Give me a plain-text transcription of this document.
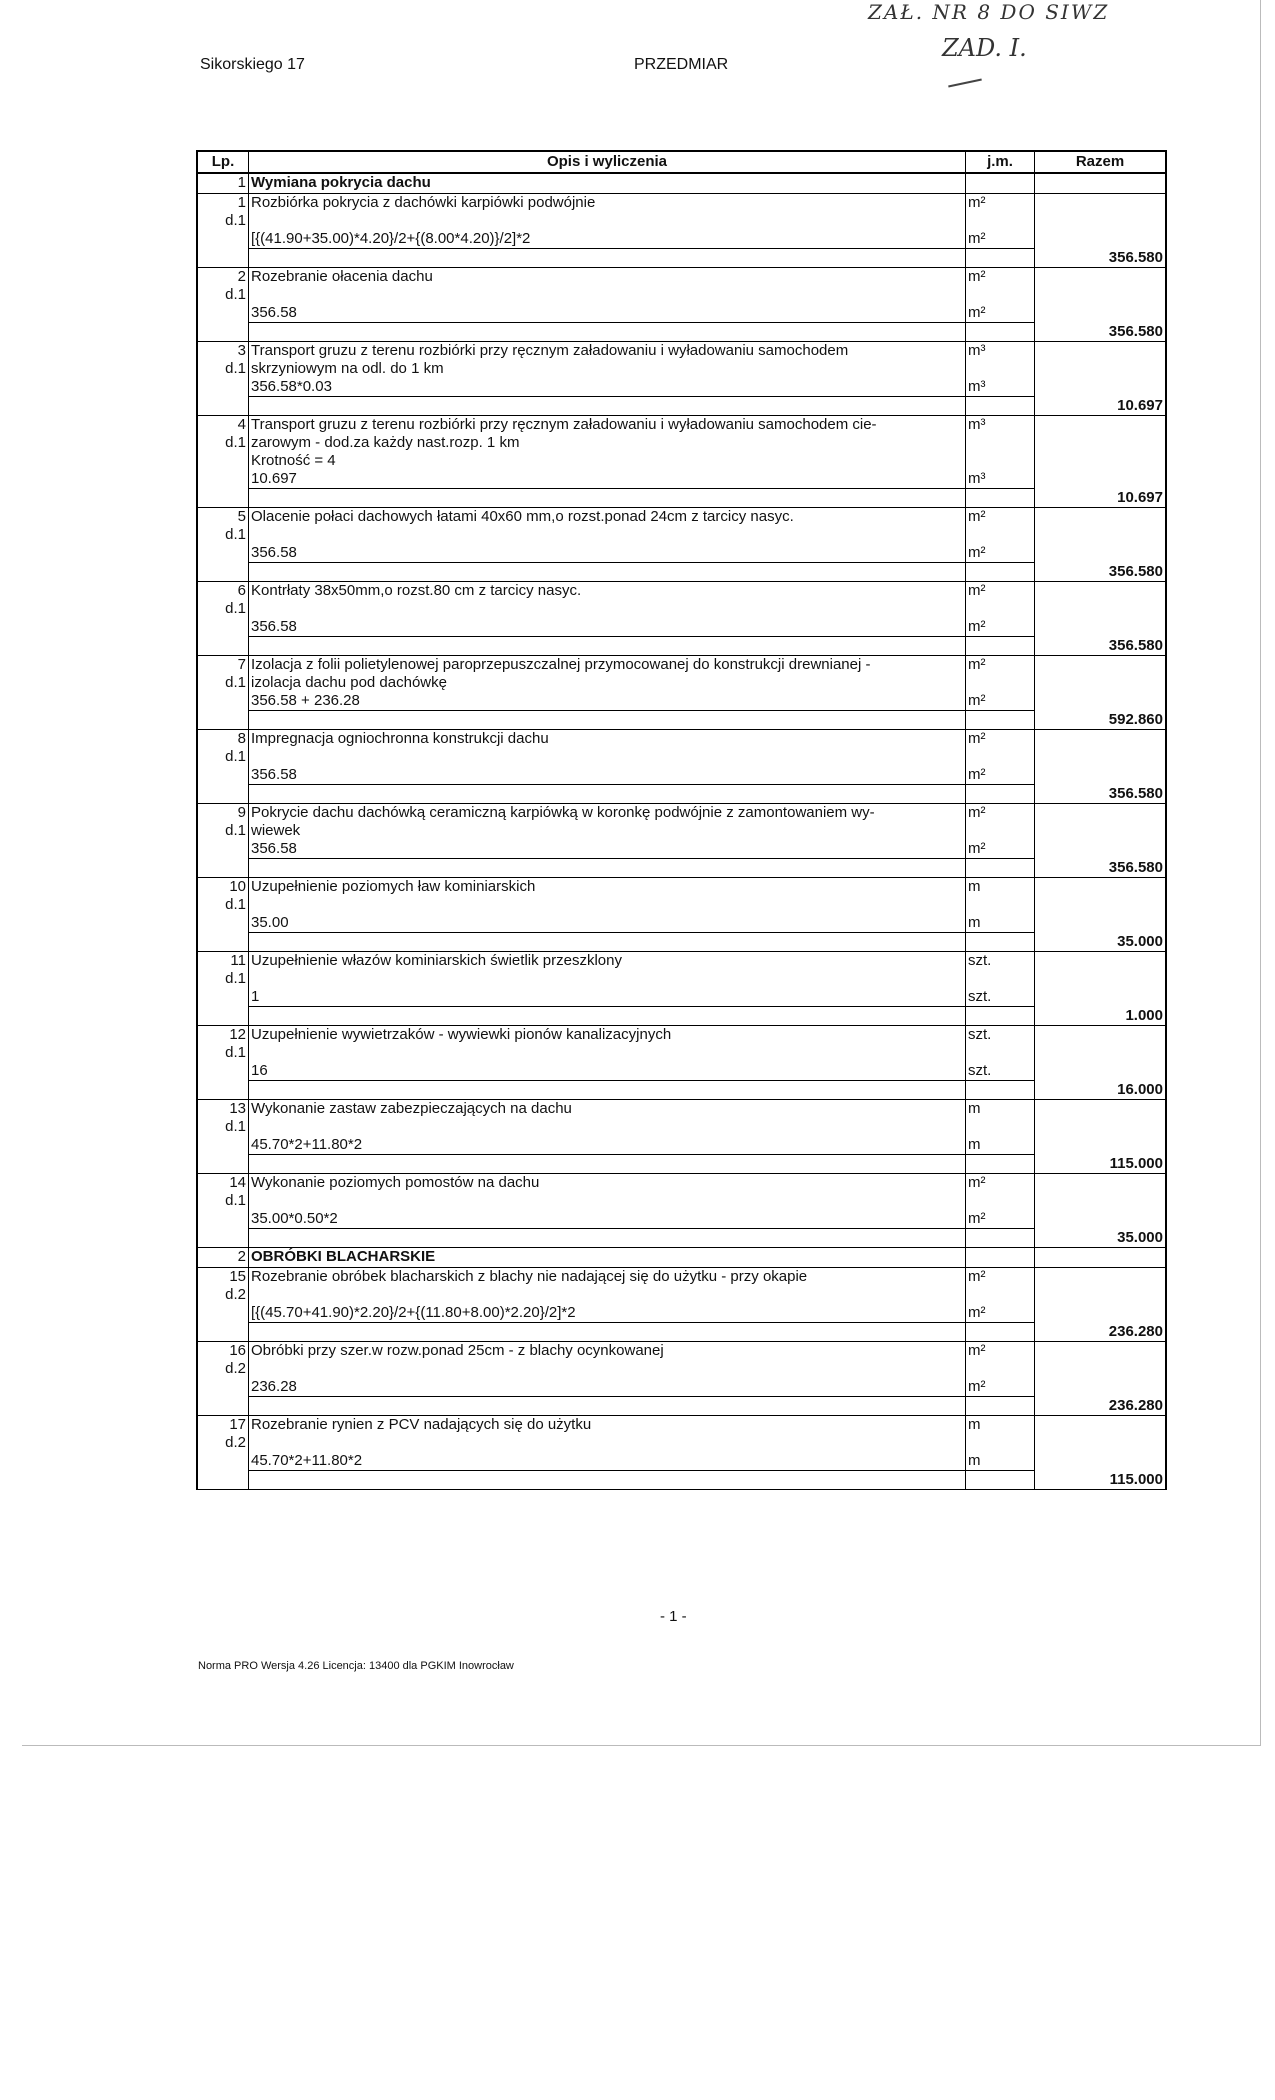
Sikorskiego 17	PRZEDMIAR
ZAŁ. NR 8 DO SIWZ
ZAD. I.
Lp.	Opis i wyliczenia	j.m.	Razem
1	Wymiana pokrycia dachu		
1	Rozbiórka pokrycia z dachówki karpiówki podwójnie	m²	
d.1			
	[{(41.90+35.00)*4.20}/2+{(8.00*4.20)}/2]*2	m²	
			356.580
2	Rozebranie ołacenia dachu	m²	
d.1			
	356.58	m²	
			356.580
3	Transport gruzu z terenu rozbiórki przy ręcznym załadowaniu i wyładowaniu samochodem	m³	
d.1	skrzyniowym na odl. do 1 km		
	356.58*0.03	m³	
			10.697
4	Transport gruzu z terenu rozbiórki przy ręcznym załadowaniu i wyładowaniu samochodem cie-	m³	
d.1	zarowym - dod.za każdy nast.rozp. 1 km		
	Krotność = 4		
	10.697	m³	
			10.697
5	Olacenie połaci dachowych łatami 40x60 mm,o rozst.ponad 24cm z tarcicy nasyc.	m²	
d.1			
	356.58	m²	
			356.580
6	Kontrłaty 38x50mm,o rozst.80 cm z tarcicy nasyc.	m²	
d.1			
	356.58	m²	
			356.580
7	Izolacja z folii polietylenowej paroprzepuszczalnej przymocowanej do konstrukcji drewnianej -	m²	
d.1	izolacja dachu pod dachówkę		
	356.58 + 236.28	m²	
			592.860
8	Impregnacja ogniochronna konstrukcji dachu	m²	
d.1			
	356.58	m²	
			356.580
9	Pokrycie dachu dachówką ceramiczną karpiówką w koronkę podwójnie z zamontowaniem wy-	m²	
d.1	wiewek		
	356.58	m²	
			356.580
10	Uzupełnienie poziomych ław kominiarskich	m	
d.1			
	35.00	m	
			35.000
11	Uzupełnienie włazów kominiarskich świetlik przeszklony	szt.	
d.1			
	1	szt.	
			1.000
12	Uzupełnienie wywietrzaków - wywiewki pionów kanalizacyjnych	szt.	
d.1			
	16	szt.	
			16.000
13	Wykonanie zastaw zabezpieczających na dachu	m	
d.1			
	45.70*2+11.80*2	m	
			115.000
14	Wykonanie poziomych pomostów na dachu	m²	
d.1			
	35.00*0.50*2	m²	
			35.000
2	OBRÓBKI BLACHARSKIE		
15	Rozebranie obróbek blacharskich z blachy nie nadającej się do użytku - przy okapie	m²	
d.2			
	[{(45.70+41.90)*2.20}/2+{(11.80+8.00)*2.20}/2]*2	m²	
			236.280
16	Obróbki przy szer.w rozw.ponad 25cm - z blachy ocynkowanej	m²	
d.2			
	236.28	m²	
			236.280
17	Rozebranie rynien z PCV nadających się do użytku	m	
d.2			
	45.70*2+11.80*2	m	
			115.000
- 1 -
Norma PRO Wersja 4.26 Licencja: 13400 dla PGKIM Inowrocław
